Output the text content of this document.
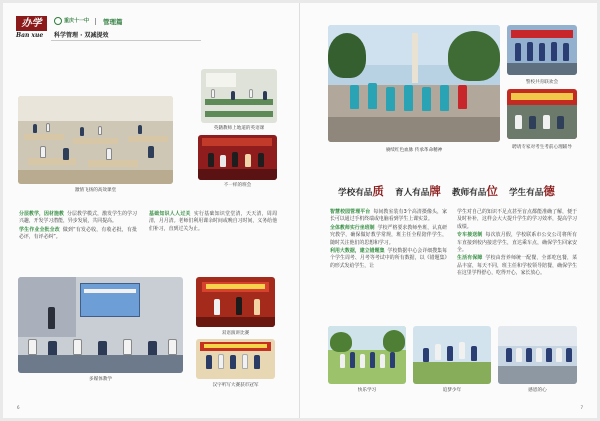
办学
Ban xue
重庆十一中 管理篇
科学管理 · 双减提效
激情飞扬的高效课堂
英籍教师上地道的英语课
不一样的班会

分层教学，因材施教 分层教学模式，激发学生的学习兴趣，开发学习潜能，异步发展，共同提高。

学生作业全批全改 做到“有发必收，有收必批，有批必评，有评必纠”。

基础知识人人过关 实行基础知识堂堂清，天天清，周周清，月月清。老师们利用课余时间或晚自习时间，义务给他们补习，直到过关为止。

多媒体教学
双语演讲比赛
汉字听写大赛获市冠军
6
赓续红色血脉 传承革命精神
警校共育联欢会
聘请专家对考生考前心理辅导
学校有品质 育人有品牌 教师有品位 学生有品德

智慧校园管理平台 每间教室装有3个高清摄像头，家长可以通过手机终端或电脑看到学生上课实景。

全体教师实行坐班制 学校严格要求教师坐班，认真研究教学，确保做好教学常规，班主任全程陪伴学生，随时关注他们的思想和学习。

利用大数据，建立错题集 学校数据中心会详细搜集每个学生周考、月考等考试中的所有数据，以《错题集》的形式发给学生，让

学生对自己的知识不足点甚至盲点都能准确了解，便于及时补补，这样会大大提升学生的学习效率，提高学习成绩。

专车接送制 每次放月假，学校联系市公交公司将所有车直接到校内接送学生，直达乘车点，确保学生回家安全。

生活有保障 学校由营养师统一配餐，全部吃包餐，菜品丰富，每天不同，班主任和学校领导陪餐，确保学生在这里学得舒心，吃得开心，家长放心。

快乐学习	追梦少年	感恩的心
7
